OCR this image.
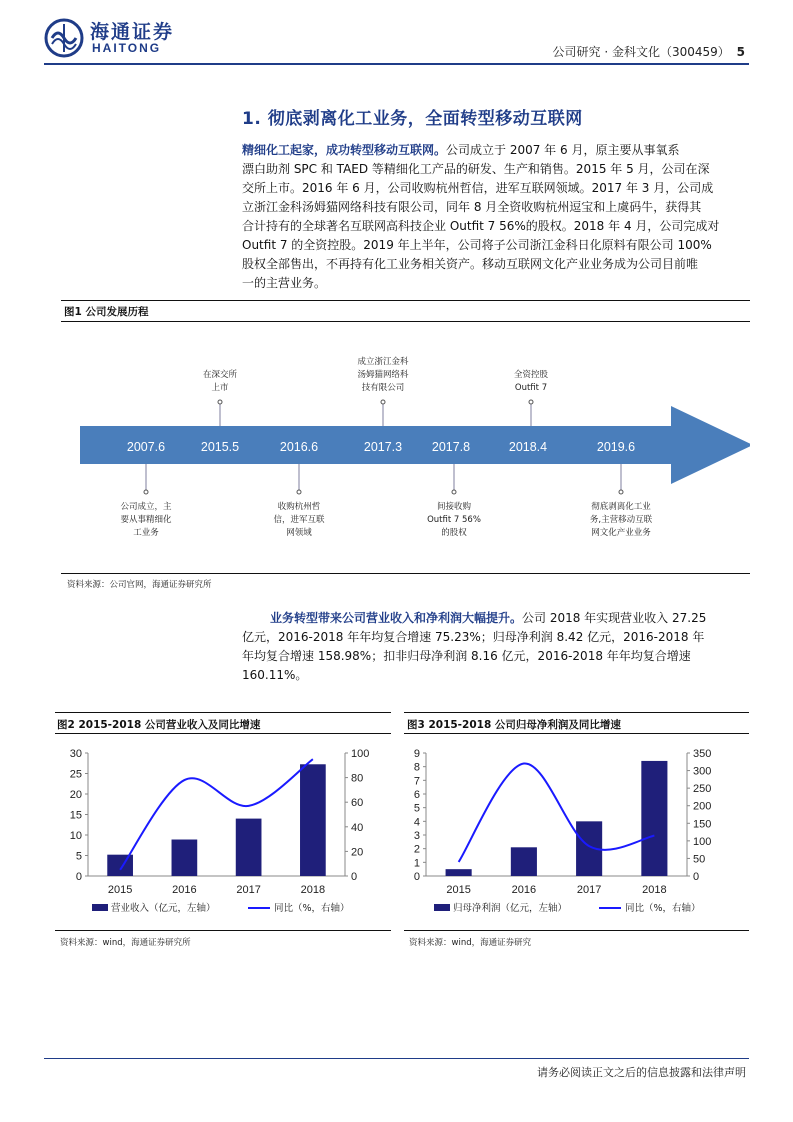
海通证券
HAITONG	公司研究 · 金科文化（300459） 5
1. 彻底剥离化工业务，全面转型移动互联网
精细化工起家，成功转型移动互联网。公司成立于 2007 年 6 月，原主要从事氧系
漂白助剂 SPC 和 TAED 等精细化工产品的研发、生产和销售。2015 年 5 月，公司在深
交所上市。2016 年 6 月，公司收购杭州哲信，进军互联网领域。2017 年 3 月，公司成
立浙江金科汤姆猫网络科技有限公司，同年 8 月全资收购杭州逗宝和上虞码牛，获得其
合计持有的全球著名互联网高科技企业 Outfit 7 56%的股权。2018 年 4 月，公司完成对
Outfit 7 的全资控股。2019 年上半年，公司将子公司浙江金科日化原料有限公司 100%
股权全部售出，不再持有化工业务相关资产。移动互联网文化产业业务成为公司目前唯
一的主营业务。
图1 公司发展历程
2007.6	2015.5	2016.6	2017.3 2017.8	2018.4	2019.6
公司成立，主
要从事精细化
工业务
在深交所
上市
收购杭州哲
信，进军互联
网领域
成立浙江金科
汤姆猫网络科
技有限公司
间接收购
Outfit 7 56%
的股权
全资控股
Outfit 7
彻底剥离化工业
务,主营移动互联
网文化产业业务
资料来源：公司官网，海通证券研究所
业务转型带来公司营业收入和净利润大幅提升。公司 2018 年实现营业收入 27.25
亿元，2016-2018 年年均复合增速 75.23%；归母净利润 8.42 亿元，2016-2018 年
年均复合增速 158.98%；扣非归母净利润 8.16 亿元，2016-2018 年年均复合增速
160.11%。
图2 2015-2018 公司营业收入及同比增速	图3 2015-2018 公司归母净利润及同比增速
0
5
10
15
20
25
30
0
20
40
60
80
100
2015	2016	2017	2018
营业收入（亿元，左轴）	同比（%，右轴）
0
1
2
3
4
5
6
7
8
9
0
50
100
150
200
250
300
350
2015	2016	2017	2018
归母净利润（亿元，左轴）	同比（%，右轴）
资料来源：wind，海通证券研究所	资料来源：wind，海通证券研究
请务必阅读正文之后的信息披露和法律声明
